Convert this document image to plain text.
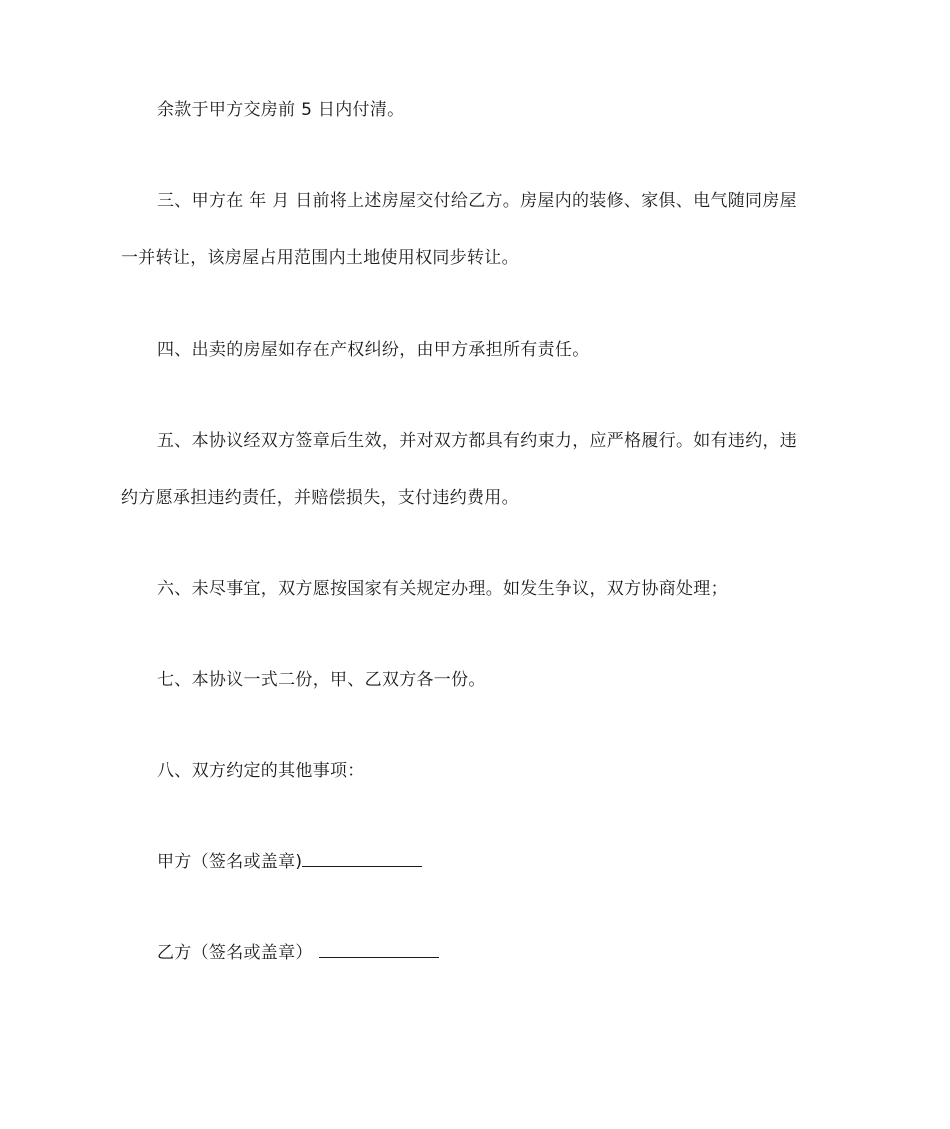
余款于甲方交房前 5 日内付清。
三、甲方在 年 月 日前将上述房屋交付给乙方。房屋内的装修、家俱、电气随同房屋
一并转让，该房屋占用范围内土地使用权同步转让。
四、出卖的房屋如存在产权纠纷，由甲方承担所有责任。
五、本协议经双方签章后生效，并对双方都具有约束力，应严格履行。如有违约，违
约方愿承担违约责任，并赔偿损失，支付违约费用。
六、未尽事宜，双方愿按国家有关规定办理。如发生争议，双方协商处理；
七、本协议一式二份，甲、乙双方各一份。
八、双方约定的其他事项：
甲方（签名或盖章)
乙方（签名或盖章）
